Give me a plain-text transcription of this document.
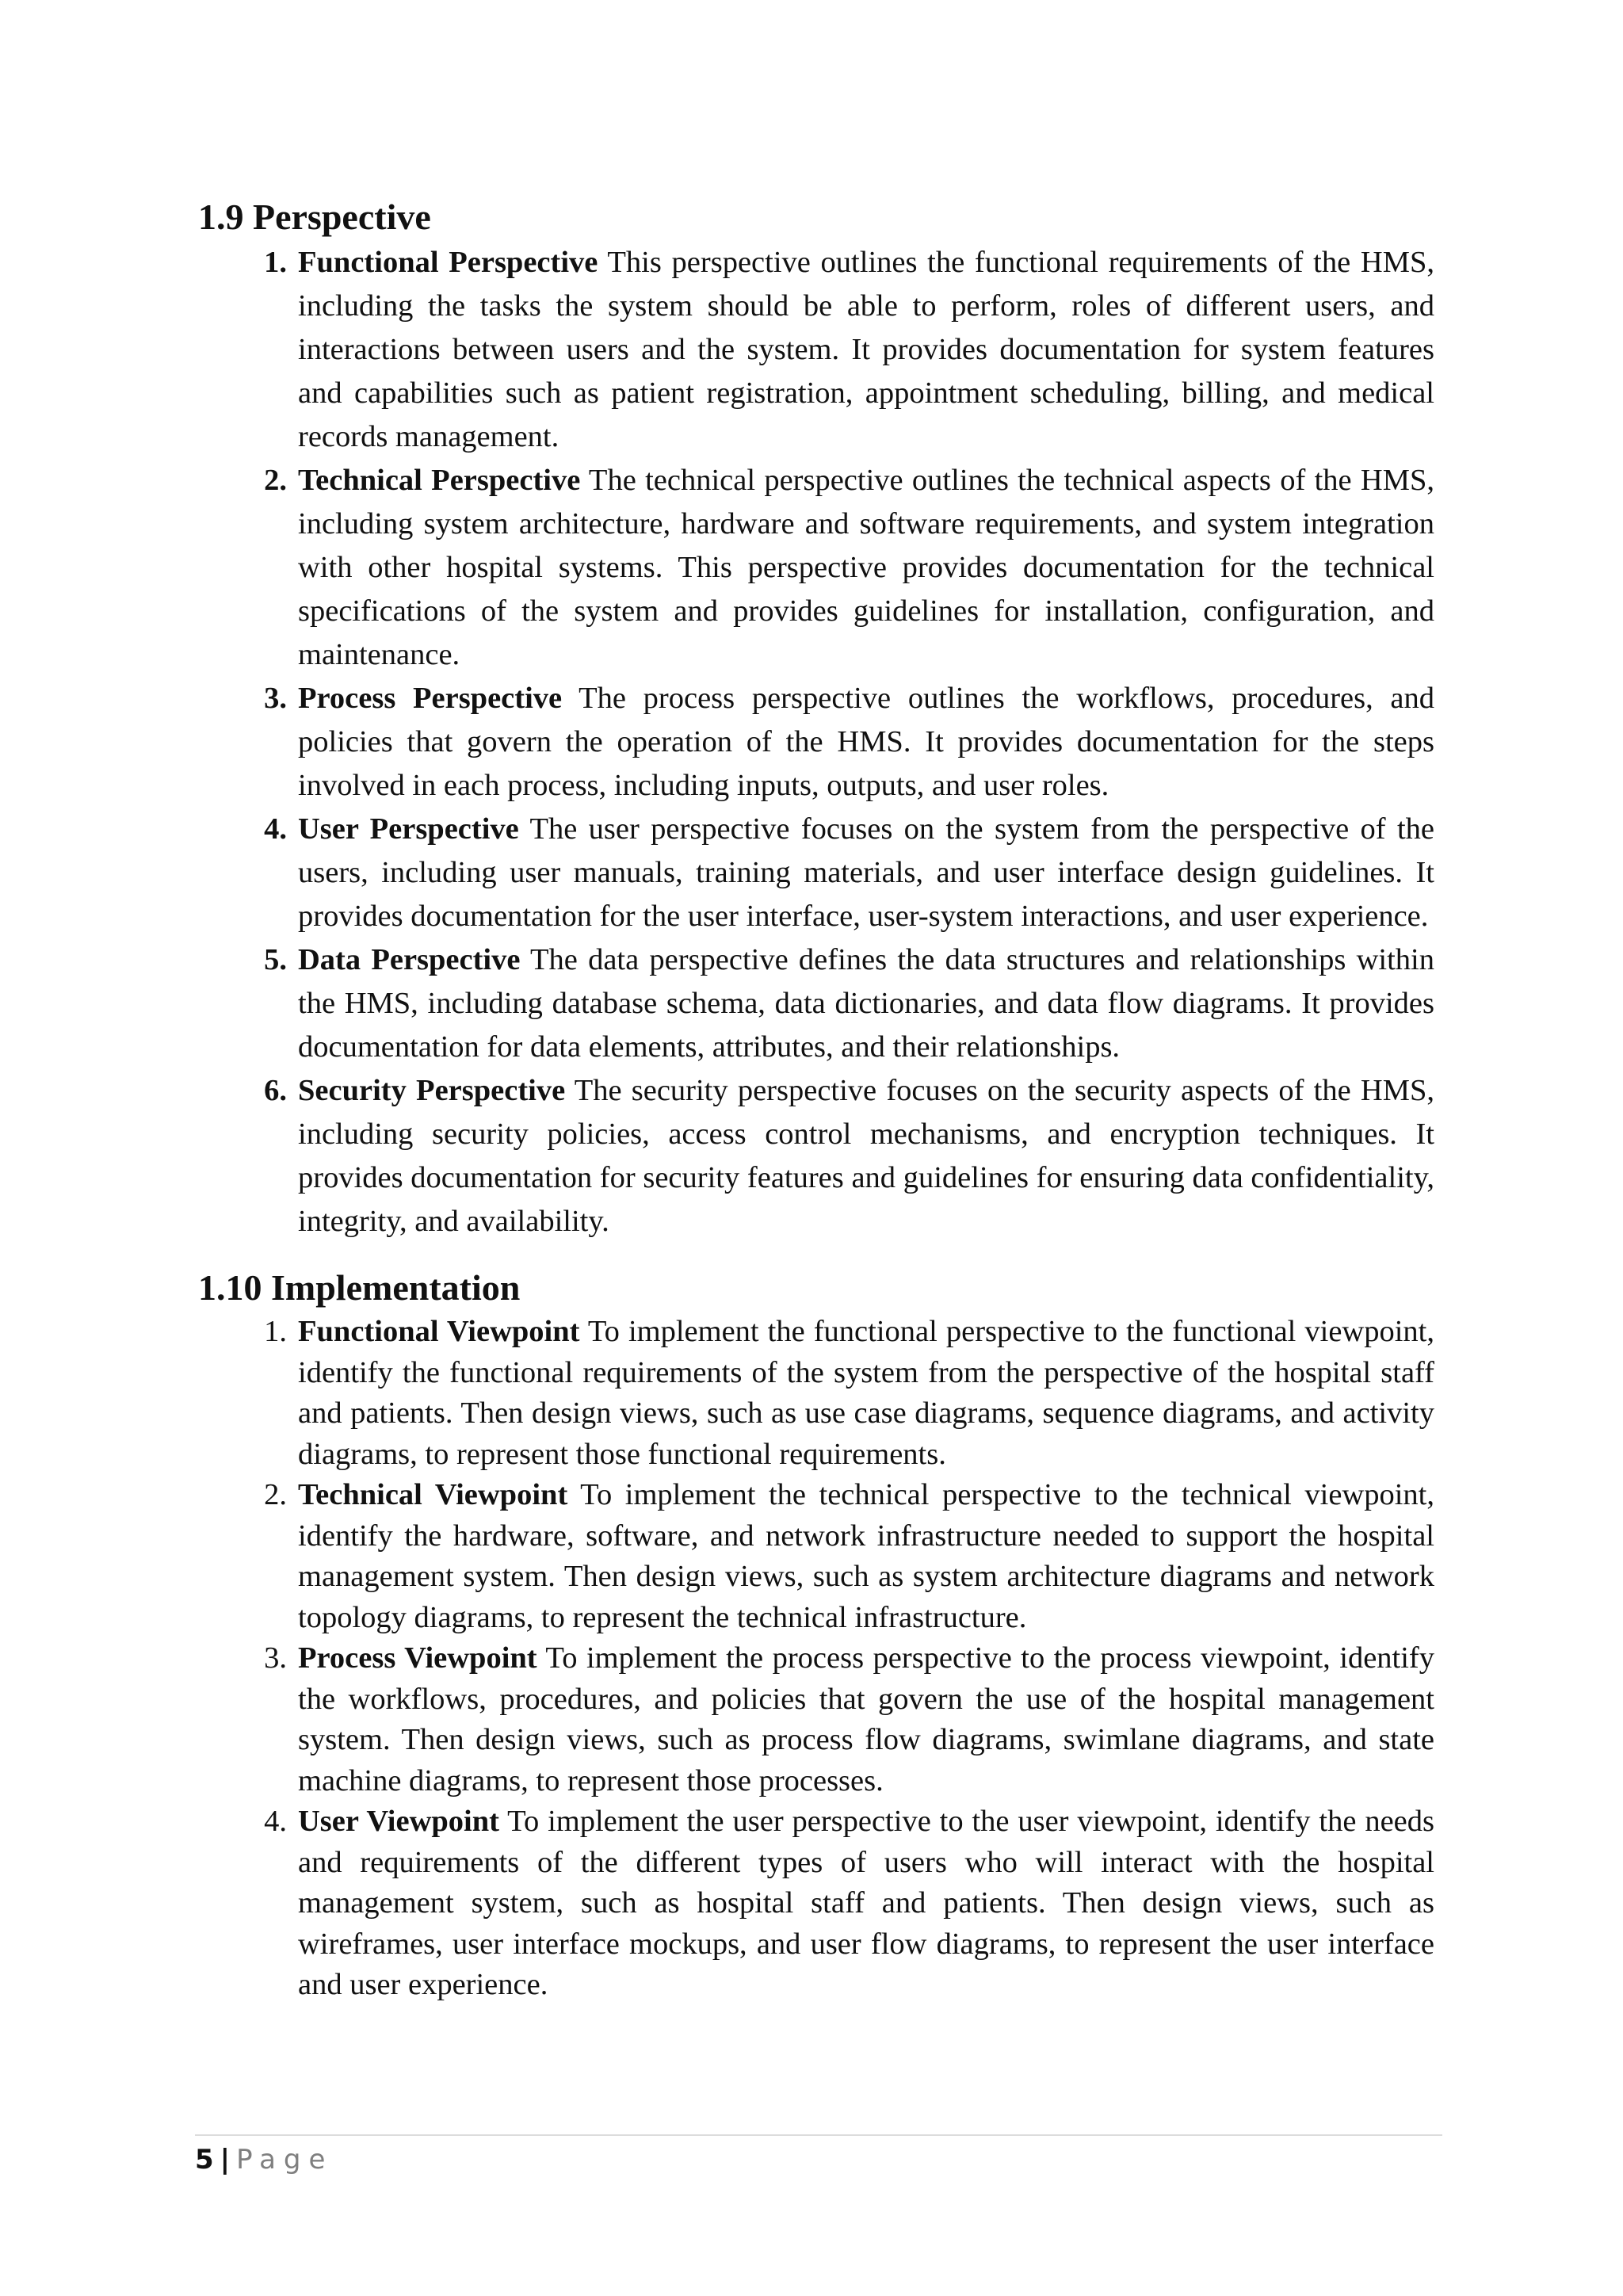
1.9 Perspective
1. Functional Perspective This perspective outlines the functional requirements of the HMS, including the tasks the system should be able to perform, roles of different users, and interactions between users and the system. It provides documentation for system features and capabilities such as patient registration, appointment scheduling, billing, and medical records management.
2. Technical Perspective The technical perspective outlines the technical aspects of the HMS, including system architecture, hardware and software requirements, and system integration with other hospital systems. This perspective provides documentation for the technical specifications of the system and provides guidelines for installation, configuration, and maintenance.
3. Process Perspective The process perspective outlines the workflows, procedures, and policies that govern the operation of the HMS. It provides documentation for the steps involved in each process, including inputs, outputs, and user roles.
4. User Perspective The user perspective focuses on the system from the perspective of the users, including user manuals, training materials, and user interface design guidelines. It provides documentation for the user interface, user-system interactions, and user experience.
5. Data Perspective The data perspective defines the data structures and relationships within the HMS, including database schema, data dictionaries, and data flow diagrams. It provides documentation for data elements, attributes, and their relationships.
6. Security Perspective The security perspective focuses on the security aspects of the HMS, including security policies, access control mechanisms, and encryption techniques. It provides documentation for security features and guidelines for ensuring data confidentiality, integrity, and availability.
1.10 Implementation
1. Functional Viewpoint To implement the functional perspective to the functional viewpoint, identify the functional requirements of the system from the perspective of the hospital staff and patients. Then design views, such as use case diagrams, sequence diagrams, and activity diagrams, to represent those functional requirements.
2. Technical Viewpoint To implement the technical perspective to the technical viewpoint, identify the hardware, software, and network infrastructure needed to support the hospital management system. Then design views, such as system architecture diagrams and network topology diagrams, to represent the technical infrastructure.
3. Process Viewpoint To implement the process perspective to the process viewpoint, identify the workflows, procedures, and policies that govern the use of the hospital management system. Then design views, such as process flow diagrams, swimlane diagrams, and state machine diagrams, to represent those processes.
4. User Viewpoint To implement the user perspective to the user viewpoint, identify the needs and requirements of the different types of users who will interact with the hospital management system, such as hospital staff and patients. Then design views, such as wireframes, user interface mockups, and user flow diagrams, to represent the user interface and user experience.
5 | Page
